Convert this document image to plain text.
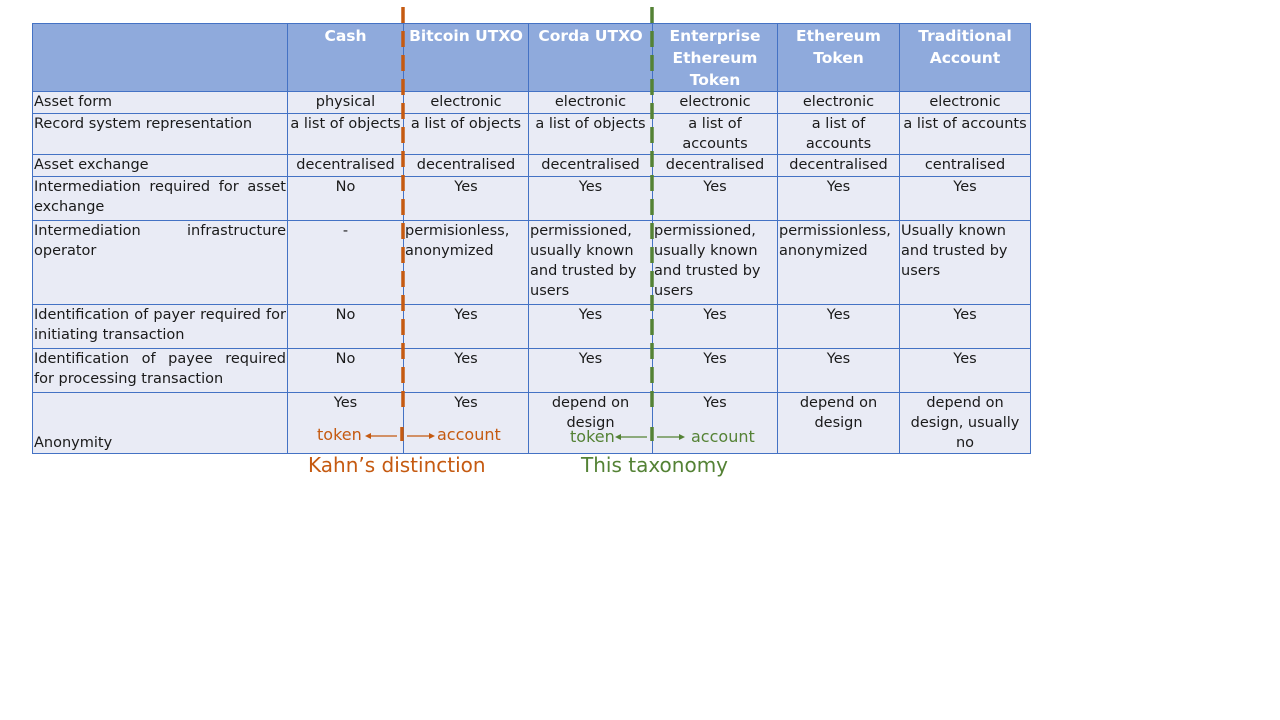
	Cash	Bitcoin UTXO	Corda UTXO	Enterprise Ethereum Token	Ethereum Token	Traditional Account
Asset form	physical	electronic	electronic	electronic	electronic	electronic
Record system representation	a list of objects	a list of objects	a list of objects	a list of accounts	a list of accounts	a list of accounts
Asset exchange	decentralised	decentralised	decentralised	decentralised	decentralised	centralised
Intermediation required for asset exchange	No	Yes	Yes	Yes	Yes	Yes
Intermediation infrastructure operator	-	permisionless, anonymized	permissioned, usually known and trusted by users	permissioned, usually known and trusted by users	permissionless, anonymized	Usually known and trusted by users
Identification of payer required for initiating transaction	No	Yes	Yes	Yes	Yes	Yes
Identification of payee required for processing transaction	No	Yes	Yes	Yes	Yes	Yes
Anonymity	Yes	Yes	depend on design	Yes	depend on design	depend on design, usually no
token	account
Kahn’s distinction
token	account
This taxonomy
